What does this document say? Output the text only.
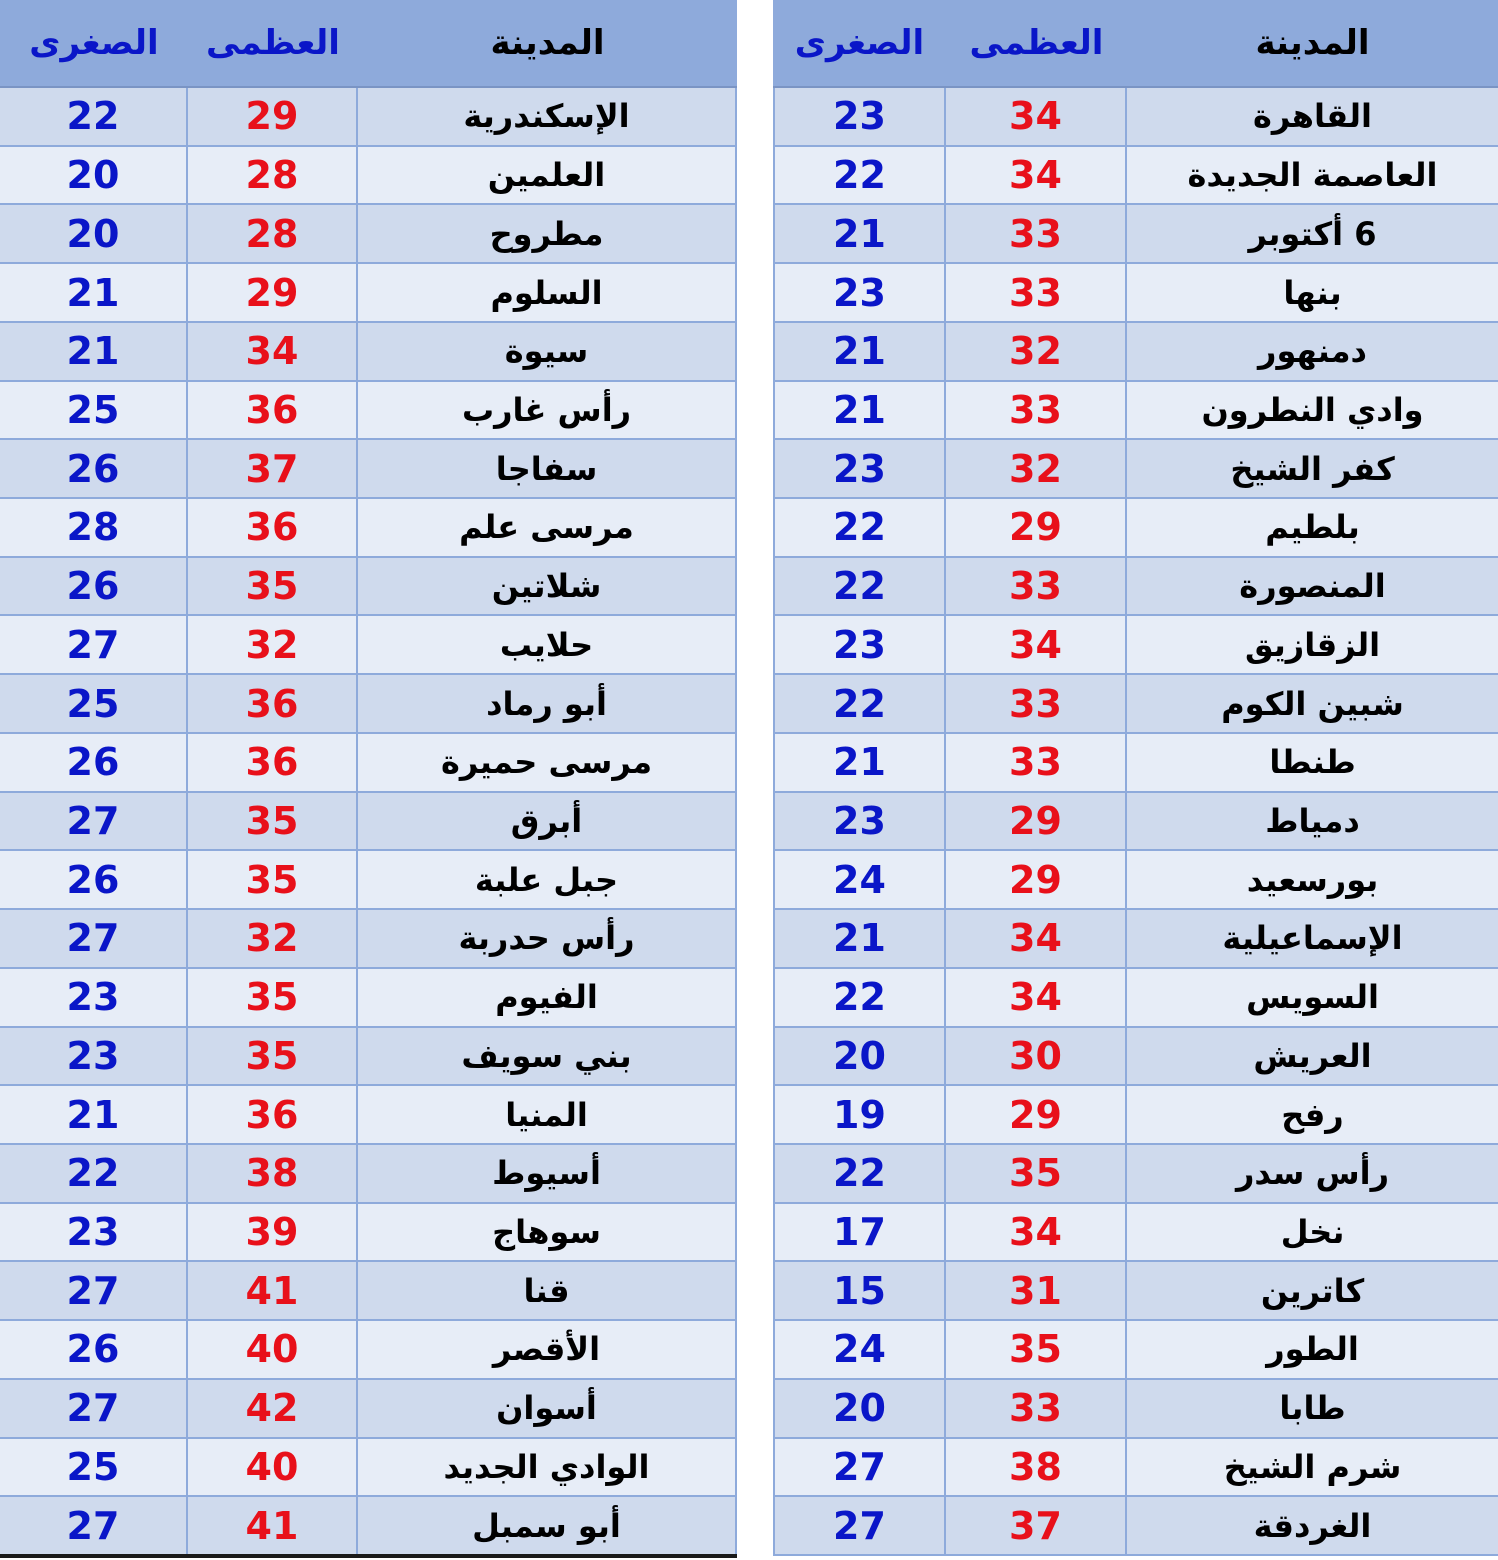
الصغرى	العظمى	المدينة
22	29	الإسكندرية
20	28	العلمين
20	28	مطروح
21	29	السلوم
21	34	سيوة
25	36	رأس غارب
26	37	سفاجا
28	36	مرسى علم
26	35	شلاتين
27	32	حلايب
25	36	أبو رماد
26	36	مرسى حميرة
27	35	أبرق
26	35	جبل علبة
27	32	رأس حدربة
23	35	الفيوم
23	35	بني سويف
21	36	المنيا
22	38	أسيوط
23	39	سوهاج
27	41	قنا
26	40	الأقصر
27	42	أسوان
25	40	الوادي الجديد
27	41	أبو سمبل
الصغرى	العظمى	المدينة
23	34	القاهرة
22	34	العاصمة الجديدة
21	33	6 أكتوبر
23	33	بنها
21	32	دمنهور
21	33	وادي النطرون
23	32	كفر الشيخ
22	29	بلطيم
22	33	المنصورة
23	34	الزقازيق
22	33	شبين الكوم
21	33	طنطا
23	29	دمياط
24	29	بورسعيد
21	34	الإسماعيلية
22	34	السويس
20	30	العريش
19	29	رفح
22	35	رأس سدر
17	34	نخل
15	31	كاترين
24	35	الطور
20	33	طابا
27	38	شرم الشيخ
27	37	الغردقة
